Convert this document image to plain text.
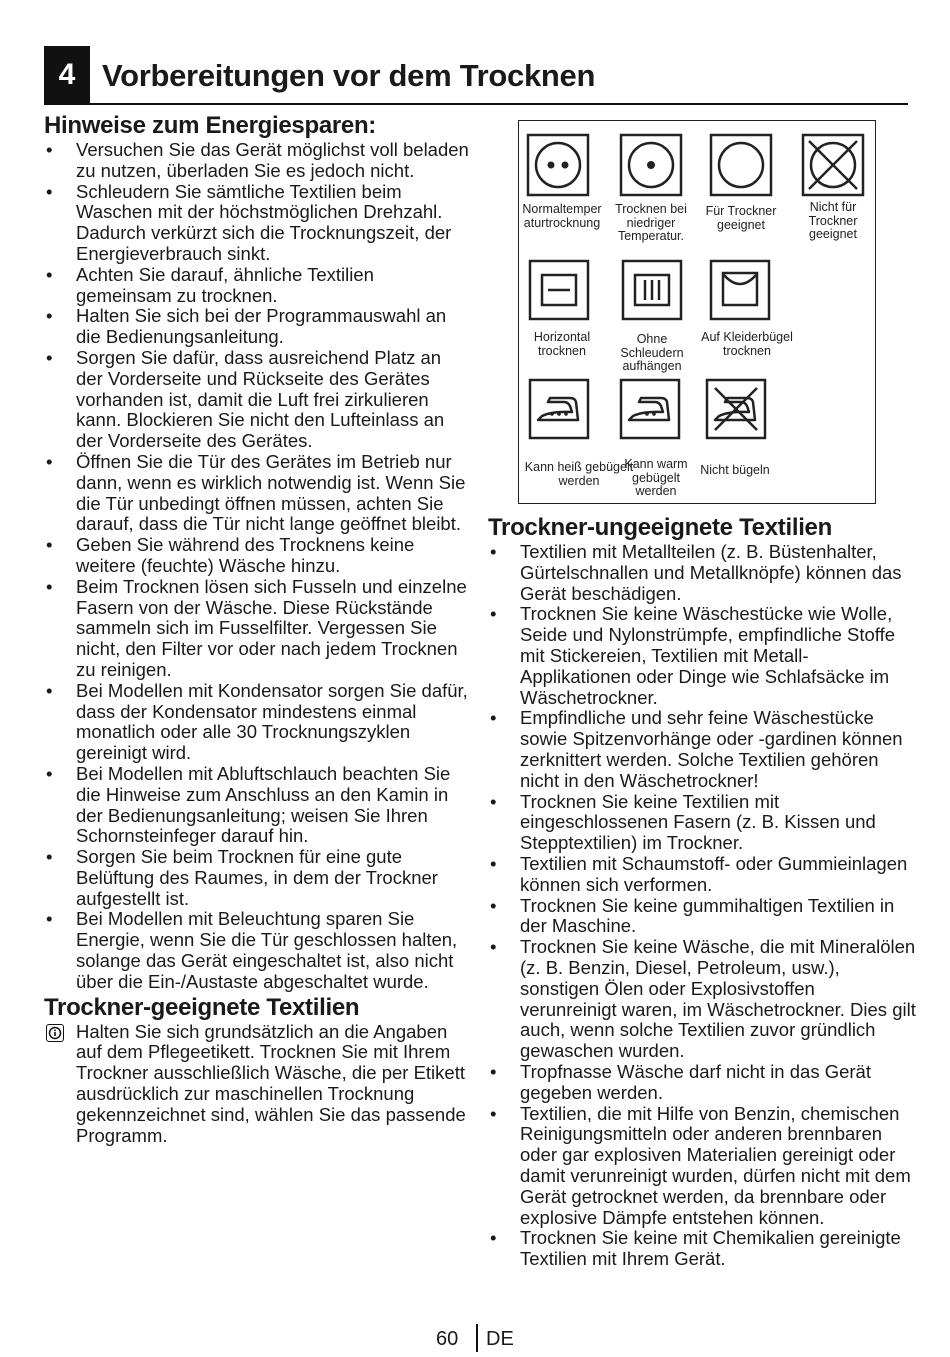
4 Vorbereitungen vor dem Trocknen
Hinweise zum Energiesparen:
• Versuchen Sie das Gerät möglichst voll beladen zu nutzen, überladen Sie es jedoch nicht.
• Schleudern Sie sämtliche Textilien beim Waschen mit der höchstmöglichen Drehzahl. Dadurch verkürzt sich die Trocknungszeit, der Energieverbrauch sinkt.
• Achten Sie darauf, ähnliche Textilien gemeinsam zu trocknen.
• Halten Sie sich bei der Programmauswahl an die Bedienungsanleitung.
• Sorgen Sie dafür, dass ausreichend Platz an der Vorderseite und Rückseite des Gerätes vorhanden ist, damit die Luft frei zirkulieren kann. Blockieren Sie nicht den Lufteinlass an der Vorderseite des Gerätes.
• Öffnen Sie die Tür des Gerätes im Betrieb nur dann, wenn es wirklich notwendig ist. Wenn Sie die Tür unbedingt öffnen müssen, achten Sie darauf, dass die Tür nicht lange geöffnet bleibt.
• Geben Sie während des Trocknens keine weitere (feuchte) Wäsche hinzu.
• Beim Trocknen lösen sich Fusseln und einzelne Fasern von der Wäsche. Diese Rückstände sammeln sich im Fusselfilter. Vergessen Sie nicht, den Filter vor oder nach jedem Trocknen zu reinigen.
• Bei Modellen mit Kondensator sorgen Sie dafür, dass der Kondensator mindestens einmal monatlich oder alle 30 Trocknungszyklen gereinigt wird.
• Bei Modellen mit Abluftschlauch beachten Sie die Hinweise zum Anschluss an den Kamin in der Bedienungsanleitung; weisen Sie Ihren Schornsteinfeger darauf hin.
• Sorgen Sie beim Trocknen für eine gute Belüftung des Raumes, in dem der Trockner aufgestellt ist.
• Bei Modellen mit Beleuchtung sparen Sie Energie, wenn Sie die Tür geschlossen halten, solange das Gerät eingeschaltet ist, also nicht über die Ein-/Austaste abgeschaltet wurde.
Trockner-geeignete Textilien
Halten Sie sich grundsätzlich an die Angaben auf dem Pflegeetikett. Trocknen Sie mit Ihrem Trockner ausschließlich Wäsche, die per Etikett ausdrücklich zur maschinellen Trocknung gekennzeichnet sind, wählen Sie das passende Programm.
Normaltemper aturtrocknung
Trocknen bei niedriger Temperatur.
Für Trockner geeignet
Nicht für Trockner geeignet
Horizontal trocknen
Ohne Schleudern aufhängen
Auf Kleiderbügel trocknen
Kann heiß gebügelt werden
Kann warm gebügelt werden
Nicht bügeln
Trockner-ungeeignete Textilien
• Textilien mit Metallteilen (z. B. Büstenhalter, Gürtelschnallen und Metallknöpfe) können das Gerät beschädigen.
• Trocknen Sie keine Wäschestücke wie Wolle, Seide und Nylonstrümpfe, empfindliche Stoffe mit Stickereien, Textilien mit Metall-Applikationen oder Dinge wie Schlafsäcke im Wäschetrockner.
• Empfindliche und sehr feine Wäschestücke sowie Spitzenvorhänge oder -gardinen können zerknittert werden. Solche Textilien gehören nicht in den Wäschetrockner!
• Trocknen Sie keine Textilien mit eingeschlossenen Fasern (z. B. Kissen und Stepptextilien) im Trockner.
• Textilien mit Schaumstoff- oder Gummieinlagen können sich verformen.
• Trocknen Sie keine gummihaltigen Textilien in der Maschine.
• Trocknen Sie keine Wäsche, die mit Mineralölen (z. B. Benzin, Diesel, Petroleum, usw.), sonstigen Ölen oder Explosivstoffen verunreinigt waren, im Wäschetrockner. Dies gilt auch, wenn solche Textilien zuvor gründlich gewaschen wurden.
• Tropfnasse Wäsche darf nicht in das Gerät gegeben werden.
• Textilien, die mit Hilfe von Benzin, chemischen Reinigungsmitteln oder anderen brennbaren oder gar explosiven Materialien gereinigt oder damit verunreinigt wurden, dürfen nicht mit dem Gerät getrocknet werden, da brennbare oder explosive Dämpfe entstehen können.
• Trocknen Sie keine mit Chemikalien gereinigte Textilien mit Ihrem Gerät.
60 DE
